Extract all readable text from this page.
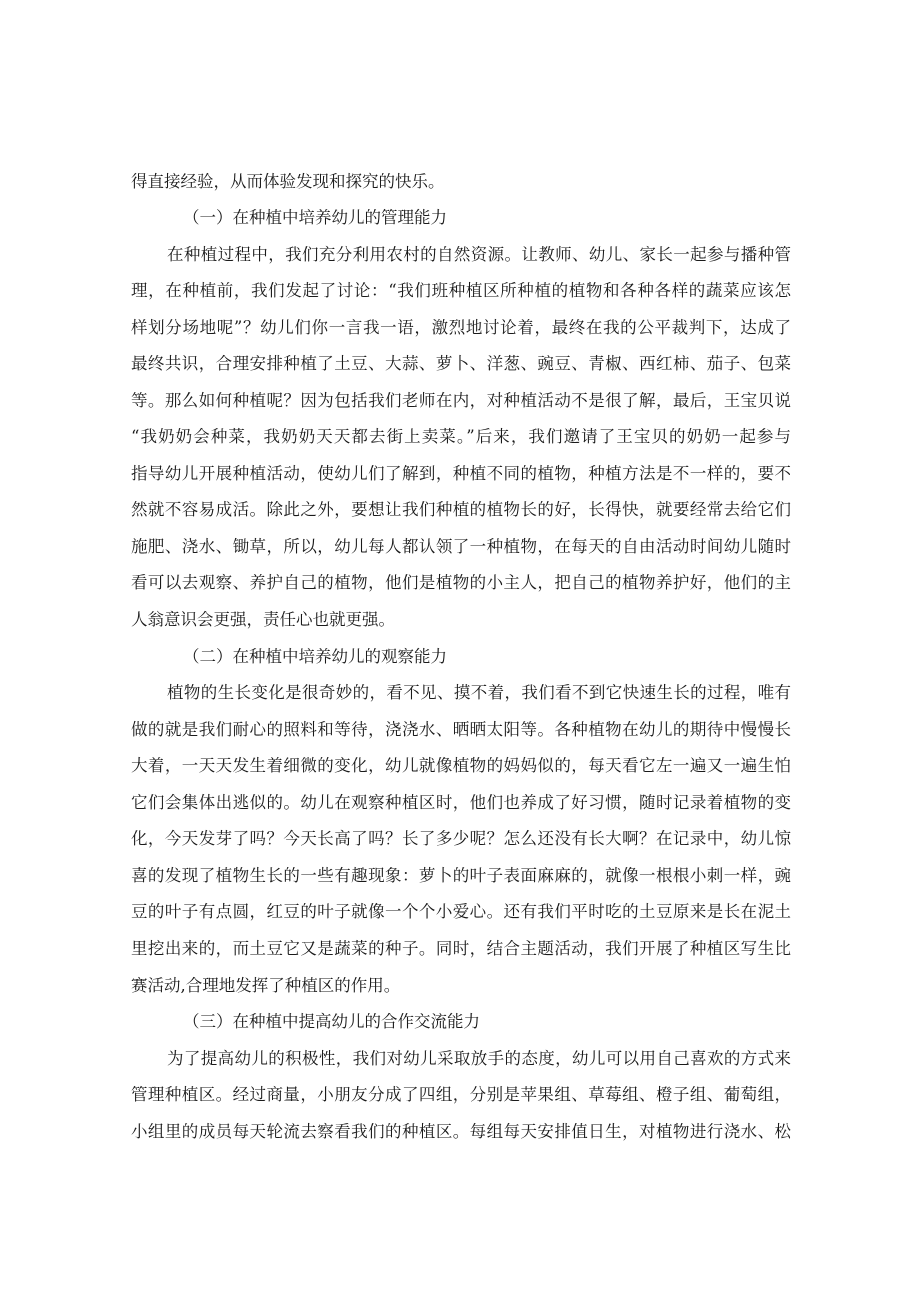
得直接经验，从而体验发现和探究的快乐。
（一）在种植中培养幼儿的管理能力
在种植过程中，我们充分利用农村的自然资源。让教师、幼儿、家长一起参与播种管
理，在种植前，我们发起了讨论：“我们班种植区所种植的植物和各种各样的蔬菜应该怎
样划分场地呢”？幼儿们你一言我一语，激烈地讨论着，最终在我的公平裁判下，达成了
最终共识，合理安排种植了土豆、大蒜、萝卜、洋葱、豌豆、青椒、西红柿、茄子、包菜
等。那么如何种植呢？因为包括我们老师在内，对种植活动不是很了解，最后，王宝贝说
“我奶奶会种菜，我奶奶天天都去街上卖菜。”后来，我们邀请了王宝贝的奶奶一起参与
指导幼儿开展种植活动，使幼儿们了解到，种植不同的植物，种植方法是不一样的，要不
然就不容易成活。除此之外，要想让我们种植的植物长的好，长得快，就要经常去给它们
施肥、浇水、锄草，所以，幼儿每人都认领了一种植物，在每天的自由活动时间幼儿随时
看可以去观察、养护自己的植物，他们是植物的小主人，把自己的植物养护好，他们的主
人翁意识会更强，责任心也就更强。
（二）在种植中培养幼儿的观察能力
植物的生长变化是很奇妙的，看不见、摸不着，我们看不到它快速生长的过程，唯有
做的就是我们耐心的照料和等待，浇浇水、晒晒太阳等。各种植物在幼儿的期待中慢慢长
大着，一天天发生着细微的变化，幼儿就像植物的妈妈似的，每天看它左一遍又一遍生怕
它们会集体出逃似的。幼儿在观察种植区时，他们也养成了好习惯，随时记录着植物的变
化，今天发芽了吗？今天长高了吗？长了多少呢？怎么还没有长大啊？在记录中，幼儿惊
喜的发现了植物生长的一些有趣现象：萝卜的叶子表面麻麻的，就像一根根小刺一样，豌
豆的叶子有点圆，红豆的叶子就像一个个小爱心。还有我们平时吃的土豆原来是长在泥土
里挖出来的，而土豆它又是蔬菜的种子。同时，结合主题活动，我们开展了种植区写生比
赛活动,合理地发挥了种植区的作用。
（三）在种植中提高幼儿的合作交流能力
为了提高幼儿的积极性，我们对幼儿采取放手的态度，幼儿可以用自己喜欢的方式来
管理种植区。经过商量，小朋友分成了四组，分别是苹果组、草莓组、橙子组、葡萄组，
小组里的成员每天轮流去察看我们的种植区。每组每天安排值日生，对植物进行浇水、松
